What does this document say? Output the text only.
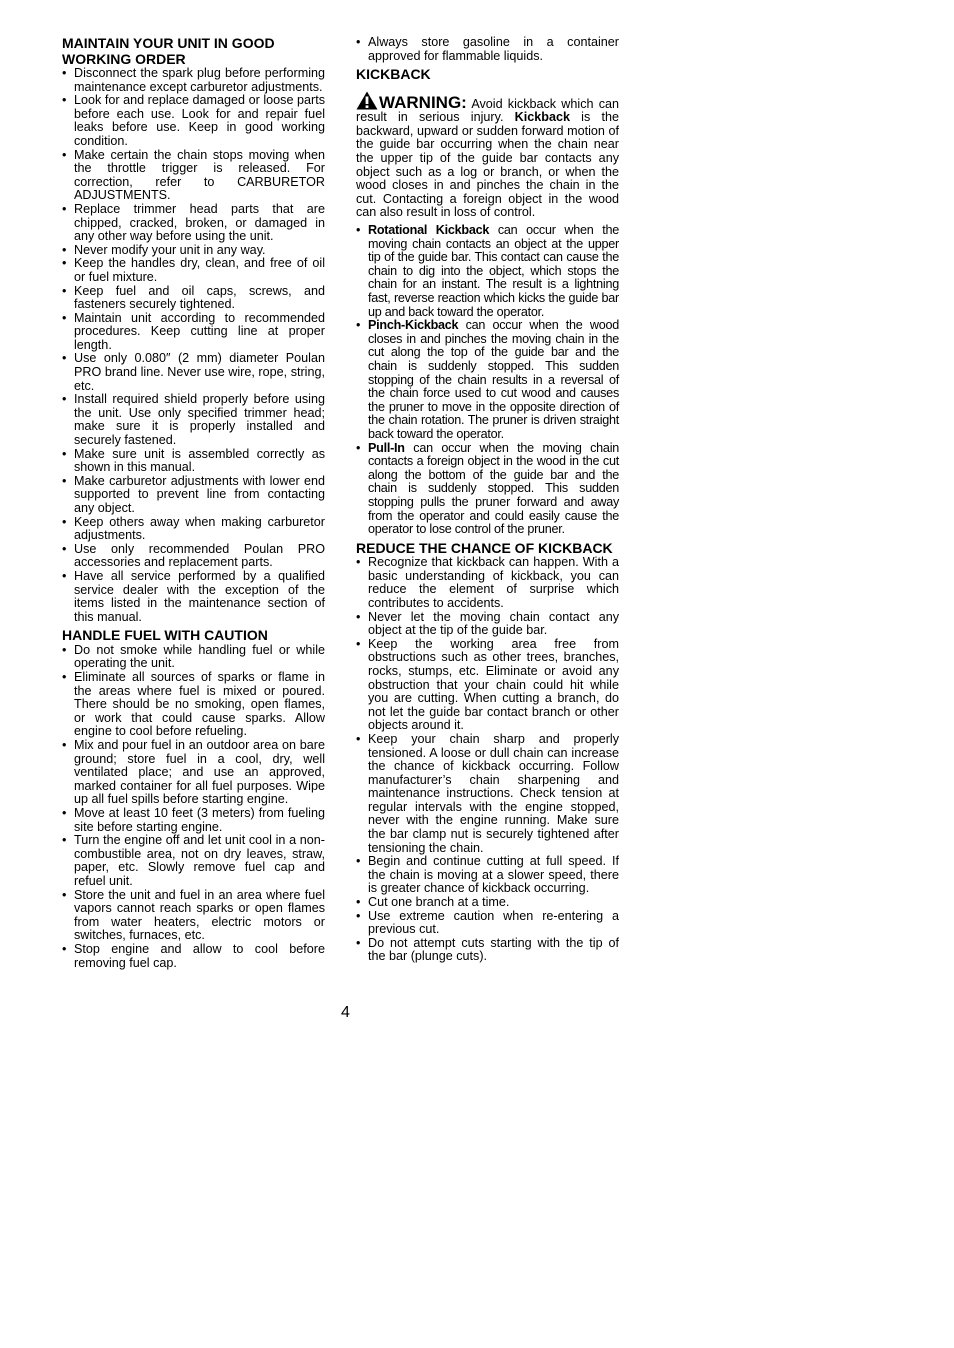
MAINTAIN YOUR UNIT IN GOOD WORKING ORDER
• Disconnect the spark plug before performing maintenance except carburetor adjustments.
• Look for and replace damaged or loose parts before each use. Look for and repair fuel leaks before use. Keep in good working condition.
• Make certain the chain stops moving when the throttle trigger is released. For correction, refer to CARBURETOR ADJUSTMENTS.
• Replace trimmer head parts that are chipped, cracked, broken, or damaged in any other way before using the unit.
• Never modify your unit in any way.
• Keep the handles dry, clean, and free of oil or fuel mixture.
• Keep fuel and oil caps, screws, and fasteners securely tightened.
• Maintain unit according to recommended procedures. Keep cutting line at proper length.
• Use only 0.080″ (2 mm) diameter Poulan PRO brand line. Never use wire, rope, string, etc.
• Install required shield properly before using the unit. Use only specified trimmer head; make sure it is properly installed and securely fastened.
• Make sure unit is assembled correctly as shown in this manual.
• Make carburetor adjustments with lower end supported to prevent line from contacting any object.
• Keep others away when making carburetor adjustments.
• Use only recommended Poulan PRO accessories and replacement parts.
• Have all service performed by a qualified service dealer with the exception of the items listed in the maintenance section of this manual.
HANDLE FUEL WITH CAUTION
• Do not smoke while handling fuel or while operating the unit.
• Eliminate all sources of sparks or flame in the areas where fuel is mixed or poured. There should be no smoking, open flames, or work that could cause sparks. Allow engine to cool before refueling.
• Mix and pour fuel in an outdoor area on bare ground; store fuel in a cool, dry, well ventilated place; and use an approved, marked container for all fuel purposes. Wipe up all fuel spills before starting engine.
• Move at least 10 feet (3 meters) from fueling site before starting engine.
• Turn the engine off and let unit cool in a non-combustible area, not on dry leaves, straw, paper, etc. Slowly remove fuel cap and refuel unit.
• Store the unit and fuel in an area where fuel vapors cannot reach sparks or open flames from water heaters, electric motors or switches, furnaces, etc.
• Stop engine and allow to cool before removing fuel cap.
• Always store gasoline in a container approved for flammable liquids.
KICKBACK

WARNING: Avoid kickback which can result in serious injury. Kickback is the backward, upward or sudden forward motion of the guide bar occurring when the chain near the upper tip of the guide bar contacts any object such as a log or branch, or when the wood closes in and pinches the chain in the cut. Contacting a foreign object in the wood can also result in loss of control.

• Rotational Kickback can occur when the moving chain contacts an object at the upper tip of the guide bar. This contact can cause the chain to dig into the object, which stops the chain for an instant. The result is a lightning fast, reverse reaction which kicks the guide bar up and back toward the operator.
• Pinch-Kickback can occur when the wood closes in and pinches the moving chain in the cut along the top of the guide bar and the chain is suddenly stopped. This sudden stopping of the chain results in a reversal of the chain force used to cut wood and causes the pruner to move in the opposite direction of the chain rotation. The pruner is driven straight back toward the operator.
• Pull-In can occur when the moving chain contacts a foreign object in the wood in the cut along the bottom of the guide bar and the chain is suddenly stopped. This sudden stopping pulls the pruner forward and away from the operator and could easily cause the operator to lose control of the pruner.
REDUCE THE CHANCE OF KICKBACK
• Recognize that kickback can happen. With a basic understanding of kickback, you can reduce the element of surprise which contributes to accidents.
• Never let the moving chain contact any object at the tip of the guide bar.
• Keep the working area free from obstructions such as other trees, branches, rocks, stumps, etc. Eliminate or avoid any obstruction that your chain could hit while you are cutting. When cutting a branch, do not let the guide bar contact branch or other objects around it.
• Keep your chain sharp and properly tensioned. A loose or dull chain can increase the chance of kickback occurring. Follow manufacturer’s chain sharpening and maintenance instructions. Check tension at regular intervals with the engine stopped, never with the engine running. Make sure the bar clamp nut is securely tightened after tensioning the chain.
• Begin and continue cutting at full speed. If the chain is moving at a slower speed, there is greater chance of kickback occurring.
• Cut one branch at a time.
• Use extreme caution when re-entering a previous cut.
• Do not attempt cuts starting with the tip of the bar (plunge cuts).
4
